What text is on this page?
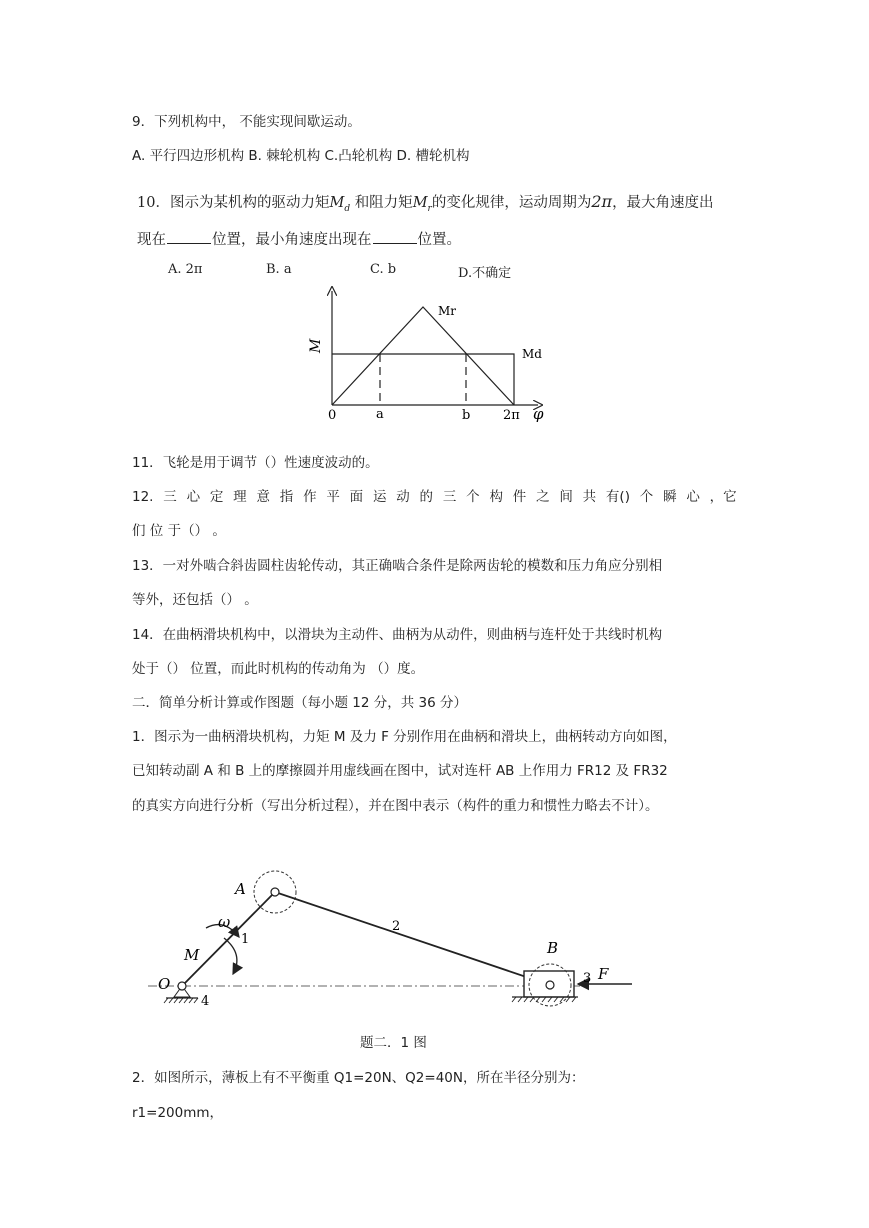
9．下列机构中， 不能实现间歇运动。
A. 平行四边形机构 B. 棘轮机构 C.凸轮机构 D. 槽轮机构
10．图示为某机构的驱动力矩$M_d$ 和阻力矩$M_r$的变化规律，运动周期为2π，最大角速度出
现在	位置，最小角速度出现在	位置。
A. 2π	B. a	C. b	D.不确定
M
φ
0	a	b	2π
Mr
Md
11．飞轮是用于调节（）性速度波动的。
12. 三 心 定 理 意 指 作 平 面 运 动 的 三 个 构 件 之 间 共 有() 个 瞬 心 ，它
们 位 于（） 。
13．一对外啮合斜齿圆柱齿轮传动，其正确啮合条件是除两齿轮的模数和压力角应分别相
等外，还包括（） 。
14．在曲柄滑块机构中，以滑块为主动件、曲柄为从动件，则曲柄与连杆处于共线时机构
处于（） 位置，而此时机构的传动角为 （）度。
二．简单分析计算或作图题（每小题 12 分，共 36 分）
1．图示为一曲柄滑块机构，力矩 M 及力 F 分别作用在曲柄和滑块上，曲柄转动方向如图，
已知转动副 A 和 B 上的摩擦圆并用虚线画在图中，试对连杆 AB 上作用力 FR12 及 FR32
的真实方向进行分析（写出分析过程），并在图中表示（构件的重力和惯性力略去不计）。
A
B
O
ω
M
1
2
3
4
F
题二．1 图
2．如图所示，薄板上有不平衡重 Q1=20N、Q2=40N，所在半径分别为：
r1=200mm，
